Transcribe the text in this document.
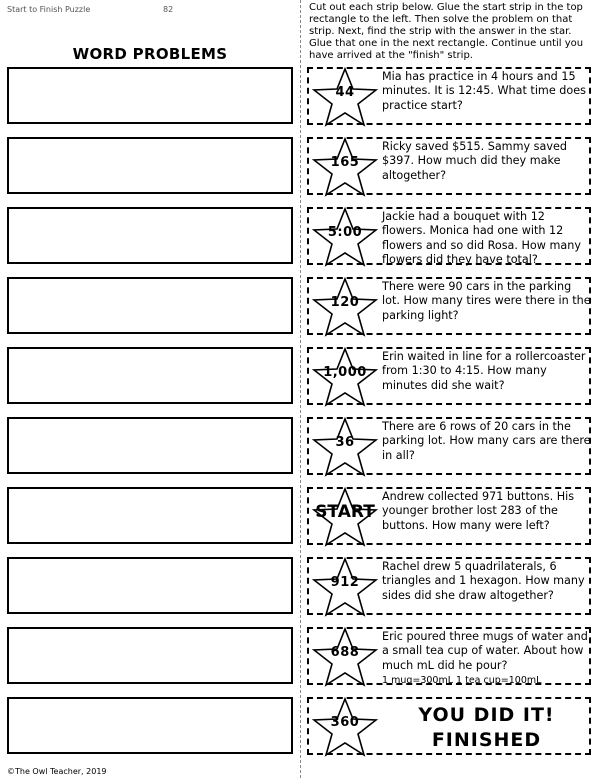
Start to Finish Puzzle	82	Cut out each strip below. Glue the start strip in the top rectangle to the left. Then solve the problem on that strip. Next, find the strip with the answer in the star. Glue that one in the next rectangle. Continue until you have arrived at the "finish" strip.
WORD PROBLEMS
44
Mia has practice in 4 hours and 15 minutes. It is 12:45. What time does practice start?
165
Ricky saved $515. Sammy saved $397. How much did they make altogether?
5:00
Jackie had a bouquet with 12 flowers. Monica had one with 12 flowers and so did Rosa. How many flowers did they have total?
120
There were 90 cars in the parking lot. How many tires were there in the parking light?
1,000
Erin waited in line for a rollercoaster from 1:30 to 4:15. How many minutes did she wait?
36
There are 6 rows of 20 cars in the parking lot. How many cars are there in all?
START
Andrew collected 971 buttons. His younger brother lost 283 of the buttons. How many were left?
912
Rachel drew 5 quadrilaterals, 6 triangles and 1 hexagon. How many sides did she draw altogether?
688
Eric poured three mugs of water and a small tea cup of water. About how much mL did he pour?
1 mug=300mL 1 tea cup=100mL
360	YOU DID IT!
FINISHED
©The Owl Teacher, 2019
